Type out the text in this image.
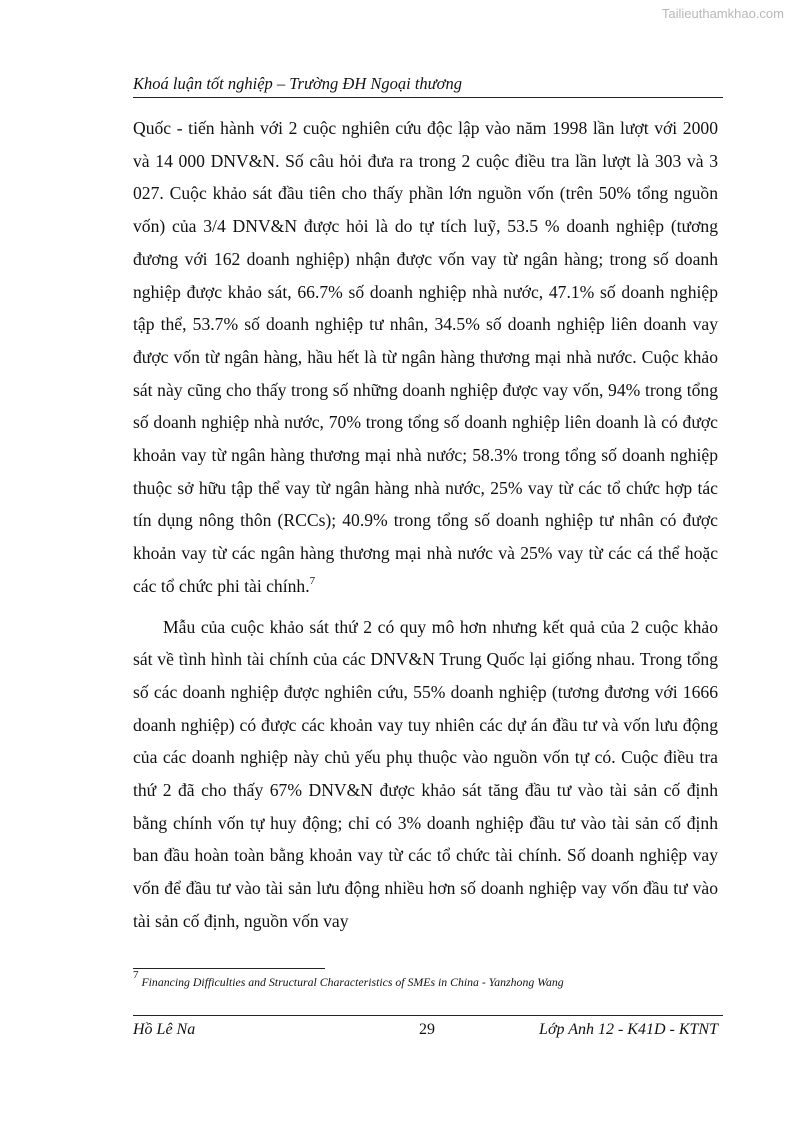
Tailieuthamkhao.com
Khoá luận tốt nghiệp – Trường ĐH Ngoại thương

Quốc - tiến hành với 2 cuộc nghiên cứu độc lập vào năm 1998 lần lượt với 2000 và 14 000 DNV&N. Số câu hỏi đưa ra trong 2 cuộc điều tra lần lượt là 303 và 3 027. Cuộc khảo sát đầu tiên cho thấy phần lớn nguồn vốn (trên 50% tổng nguồn vốn) của 3/4 DNV&N được hỏi là do tự tích luỹ, 53.5 % doanh nghiệp (tương đương với 162 doanh nghiệp) nhận được vốn vay từ ngân hàng; trong số doanh nghiệp được khảo sát, 66.7% số doanh nghiệp nhà nước, 47.1% số doanh nghiệp tập thể, 53.7% số doanh nghiệp tư nhân, 34.5% số doanh nghiệp liên doanh vay được vốn từ ngân hàng, hầu hết là từ ngân hàng thương mại nhà nước. Cuộc khảo sát này cũng cho thấy trong số những doanh nghiệp được vay vốn, 94% trong tổng số doanh nghiệp nhà nước, 70% trong tổng số doanh nghiệp liên doanh là có được khoản vay từ ngân hàng thương mại nhà nước; 58.3% trong tổng số doanh nghiệp thuộc sở hữu tập thể vay từ ngân hàng nhà nước, 25% vay từ các tổ chức hợp tác tín dụng nông thôn (RCCs); 40.9% trong tổng số doanh nghiệp tư nhân có được khoản vay từ các ngân hàng thương mại nhà nước và 25% vay từ các cá thể hoặc các tổ chức phi tài chính.$^7$

Mẫu của cuộc khảo sát thứ 2 có quy mô hơn nhưng kết quả của 2 cuộc khảo sát về tình hình tài chính của các DNV&N Trung Quốc lại giống nhau. Trong tổng số các doanh nghiệp được nghiên cứu, 55% doanh nghiệp (tương đương với 1666 doanh nghiệp) có được các khoản vay tuy nhiên các dự án đầu tư và vốn lưu động của các doanh nghiệp này chủ yếu phụ thuộc vào nguồn vốn tự có. Cuộc điều tra thứ 2 đã cho thấy 67% DNV&N được khảo sát tăng đầu tư vào tài sản cố định bằng chính vốn tự huy động; chỉ có 3% doanh nghiệp đầu tư vào tài sản cố định ban đầu hoàn toàn bằng khoản vay từ các tổ chức tài chính. Số doanh nghiệp vay vốn để đầu tư vào tài sản lưu động nhiều hơn số doanh nghiệp vay vốn đầu tư vào tài sản cố định, nguồn vốn vay

$^7$ Financing Difficulties and Structural Characteristics of SMEs in China - Yanzhong Wang
Hồ Lê Na	29	Lớp Anh 12 - K41D - KTNT
